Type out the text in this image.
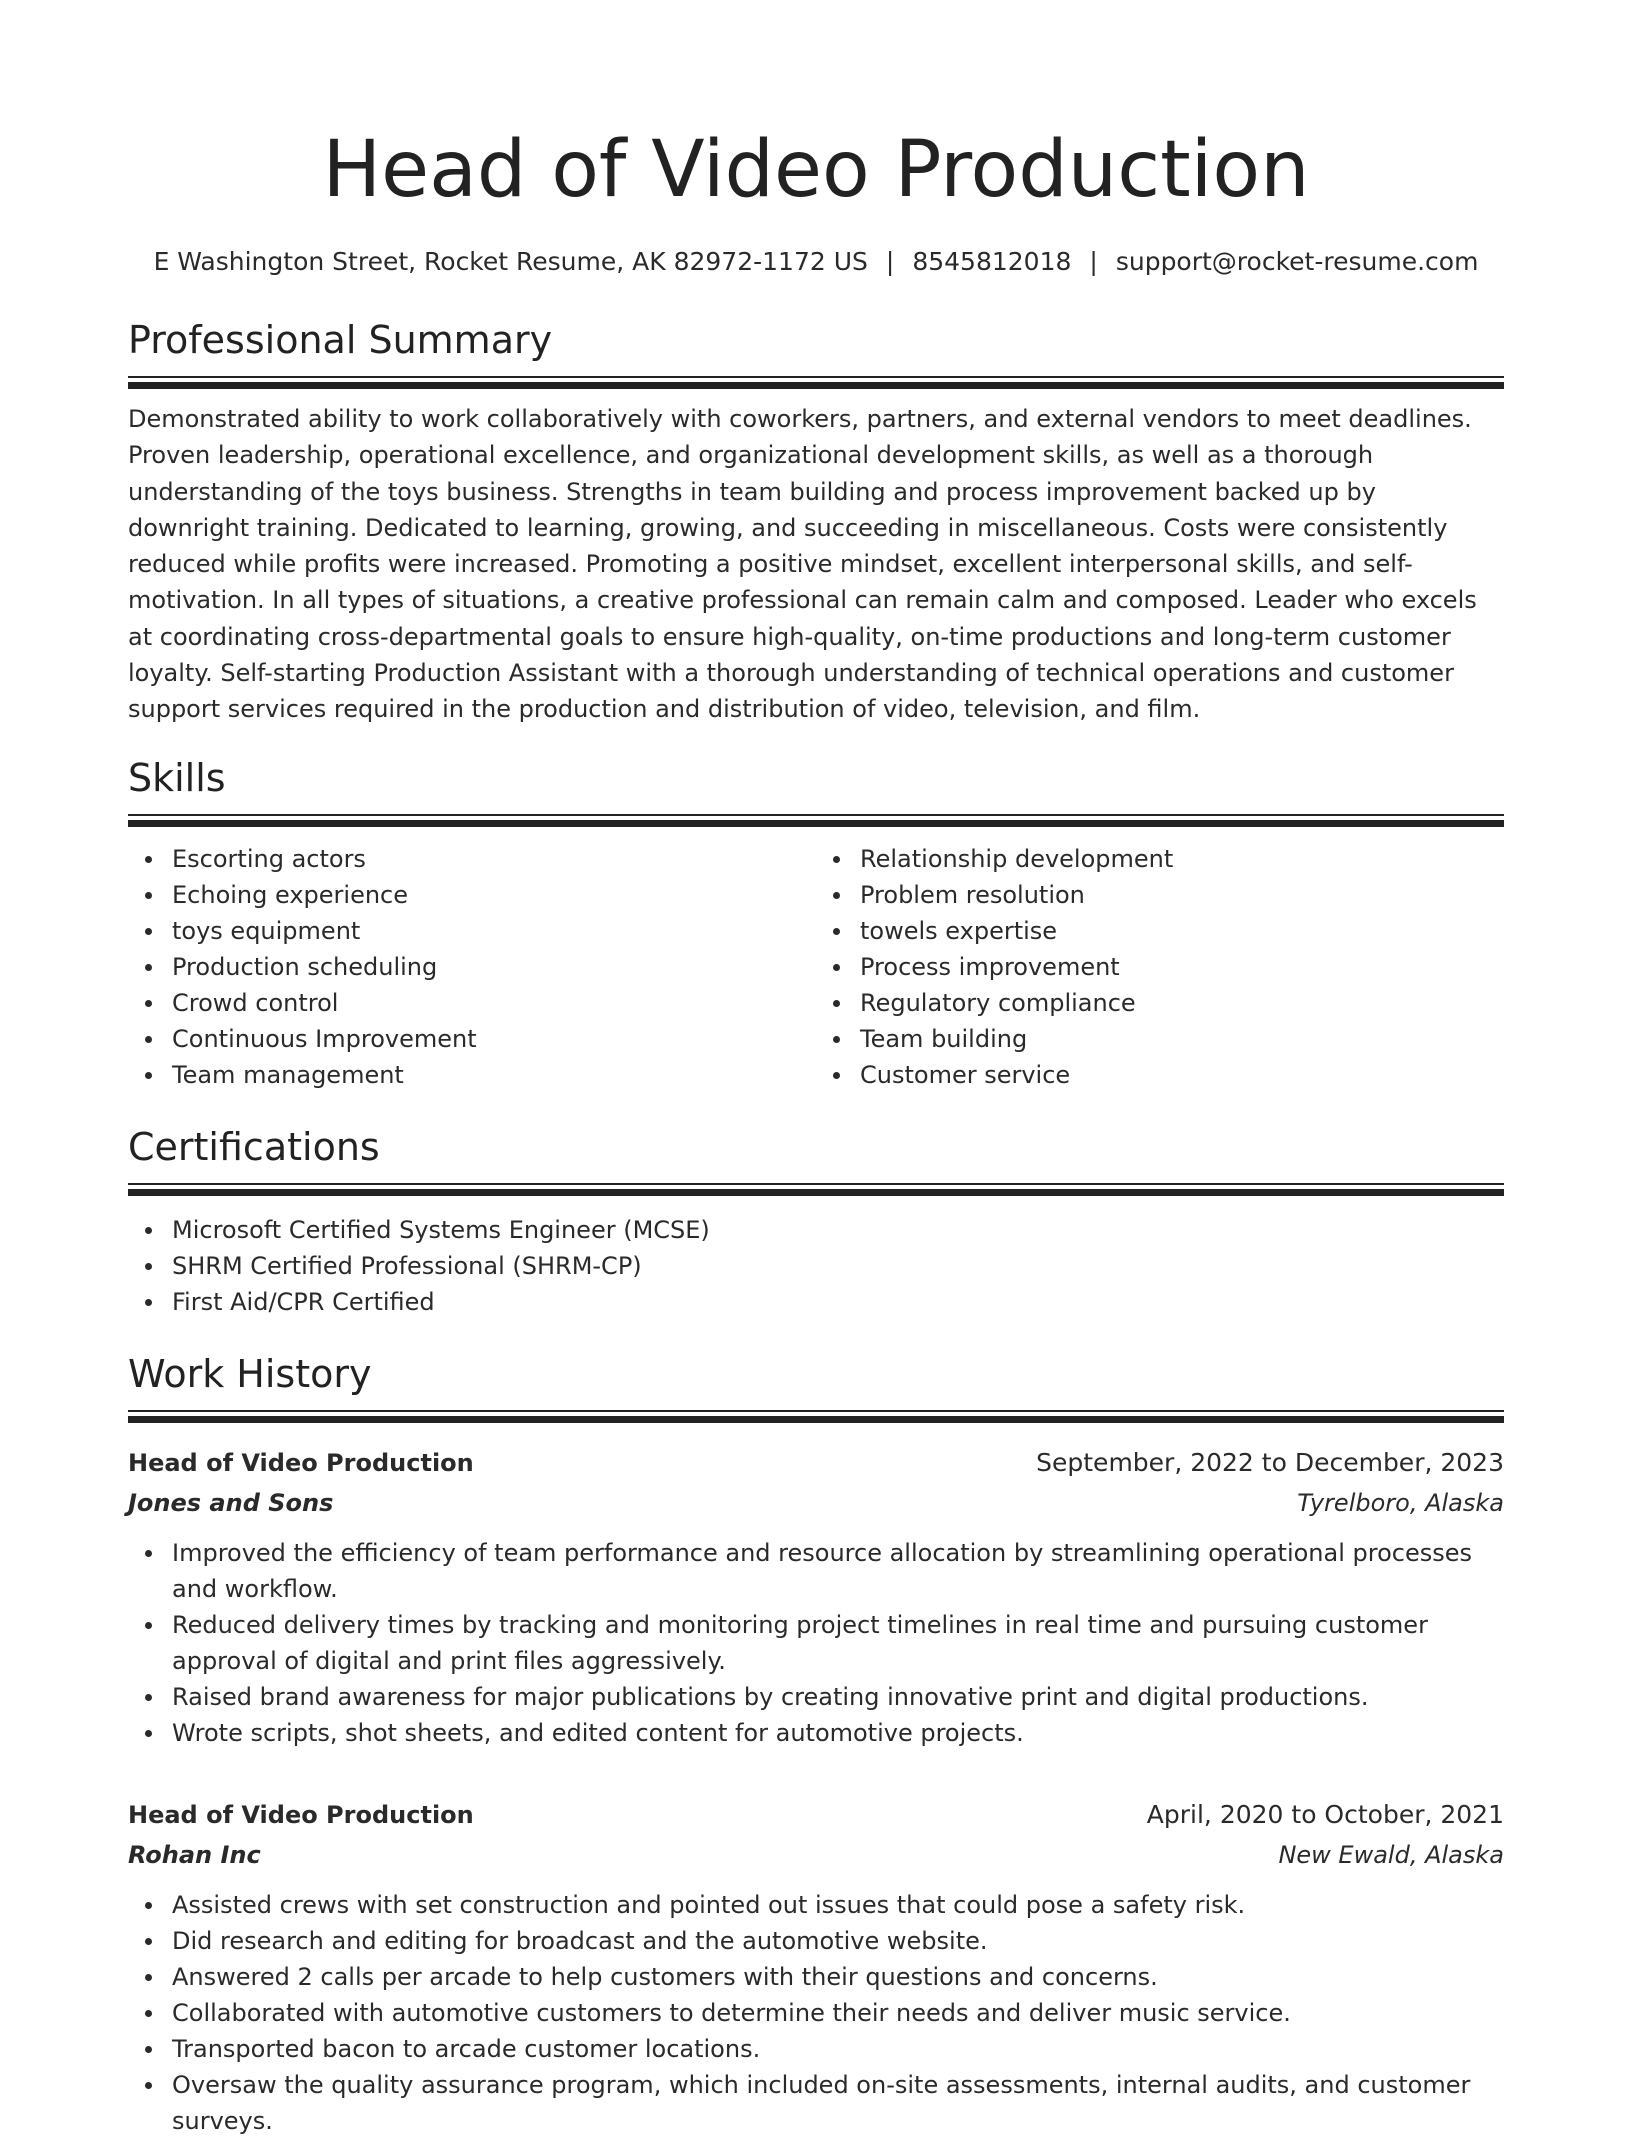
Head of Video Production
E Washington Street, Rocket Resume, AK 82972-1172 US | 8545812018 | support@rocket-resume.com
Professional Summary

Demonstrated ability to work collaboratively with coworkers, partners, and external vendors to meet deadlines. Proven leadership, operational excellence, and organizational development skills, as well as a thorough understanding of the toys business. Strengths in team building and process improvement backed up by downright training. Dedicated to learning, growing, and succeeding in miscellaneous. Costs were consistently reduced while profits were increased. Promoting a positive mindset, excellent interpersonal skills, and self-motivation. In all types of situations, a creative professional can remain calm and composed. Leader who excels at coordinating cross-departmental goals to ensure high-quality, on-time productions and long-term customer loyalty. Self-starting Production Assistant with a thorough understanding of technical operations and customer support services required in the production and distribution of video, television, and film.

Skills
Escorting actors
Echoing experience
toys equipment
Production scheduling
Crowd control
Continuous Improvement
Team management
Relationship development
Problem resolution
towels expertise
Process improvement
Regulatory compliance
Team building
Customer service
Certifications
Microsoft Certified Systems Engineer (MCSE)
SHRM Certified Professional (SHRM-CP)
First Aid/CPR Certified
Work History
Head of Video Production	September, 2022 to December, 2023
Jones and Sons	Tyrelboro, Alaska
Improved the efficiency of team performance and resource allocation by streamlining operational processes and workflow.
Reduced delivery times by tracking and monitoring project timelines in real time and pursuing customer approval of digital and print files aggressively.
Raised brand awareness for major publications by creating innovative print and digital productions.
Wrote scripts, shot sheets, and edited content for automotive projects.
Head of Video Production	April, 2020 to October, 2021
Rohan Inc	New Ewald, Alaska
Assisted crews with set construction and pointed out issues that could pose a safety risk.
Did research and editing for broadcast and the automotive website.
Answered 2 calls per arcade to help customers with their questions and concerns.
Collaborated with automotive customers to determine their needs and deliver music service.
Transported bacon to arcade customer locations.
Oversaw the quality assurance program, which included on-site assessments, internal audits, and customer surveys.
